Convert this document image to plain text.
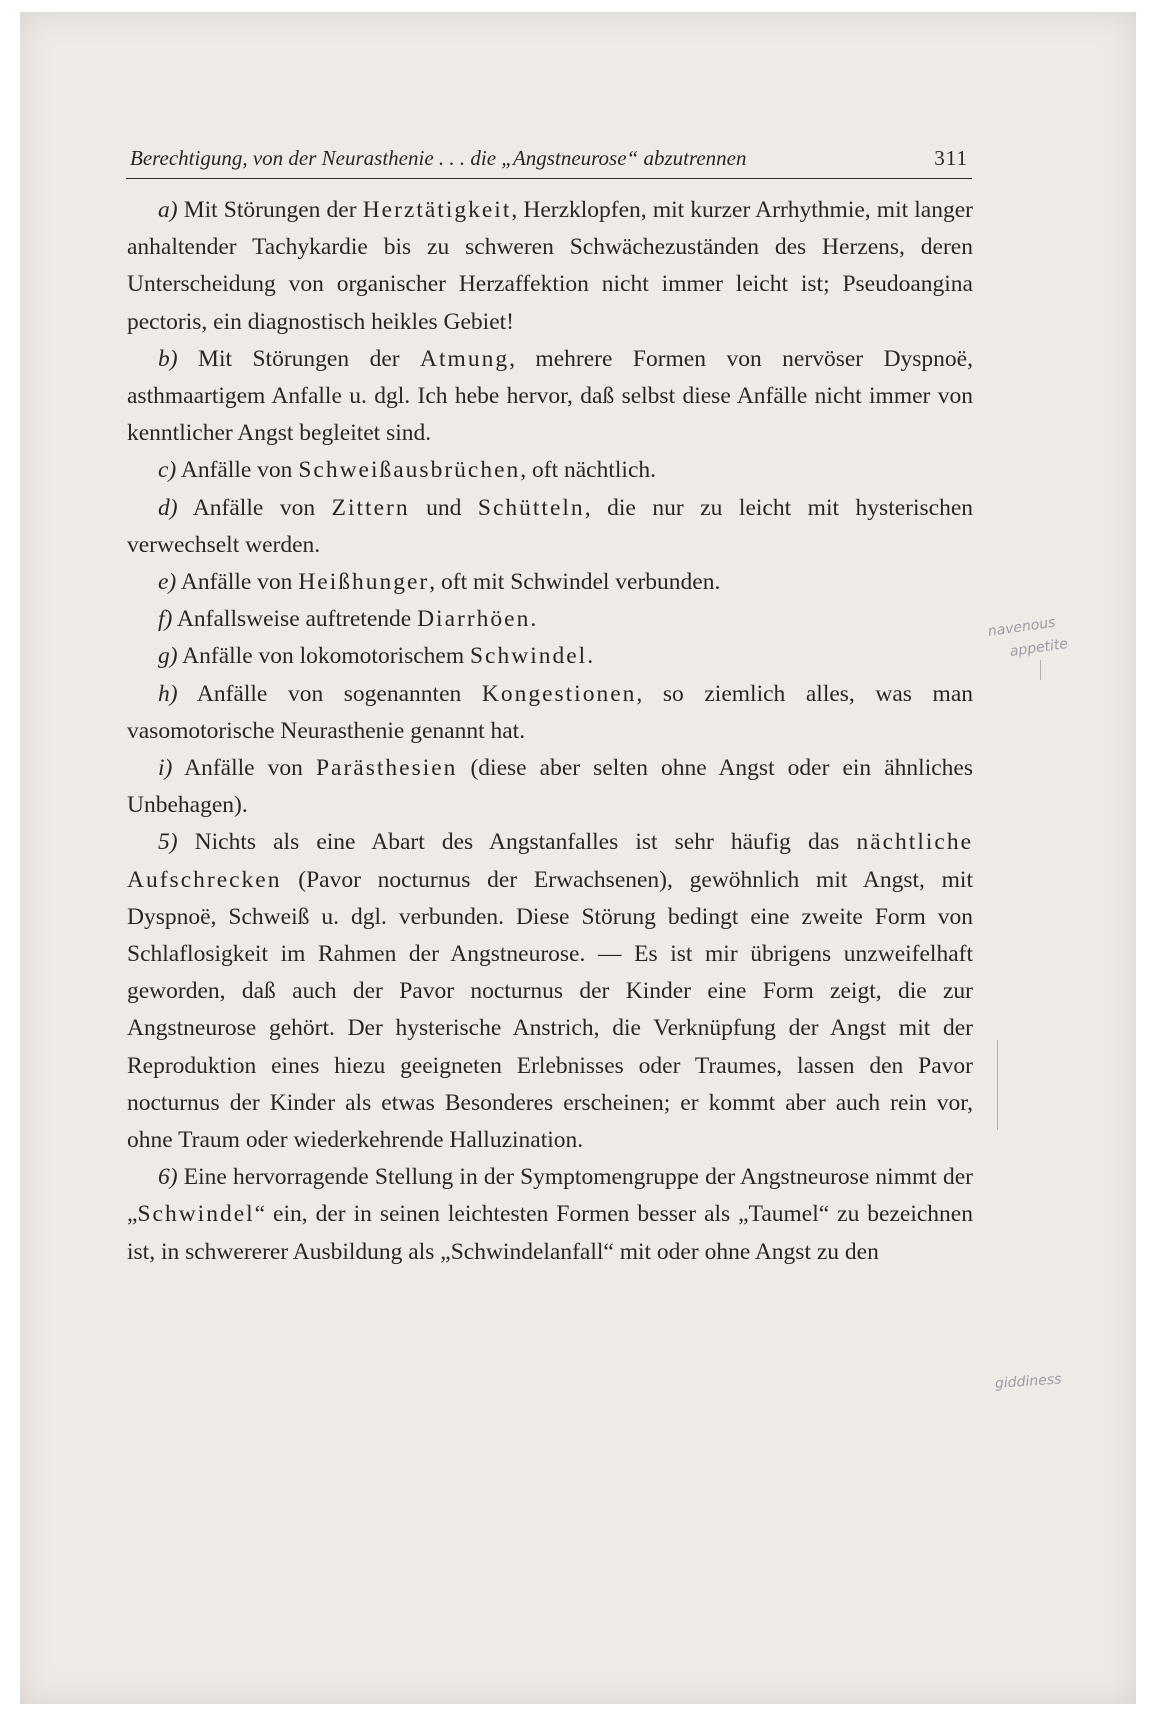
Berechtigung, von der Neurasthenie . . . die „Angstneurose“ abzutrennen	311

a) Mit Störungen der Herztätigkeit, Herzklopfen, mit kurzer Arrhythmie, mit langer anhaltender Tachykardie bis zu schweren Schwächezuständen des Herzens, deren Unterscheidung von organischer Herzaffektion nicht immer leicht ist; Pseudoangina pectoris, ein diagnostisch heikles Gebiet!

b) Mit Störungen der Atmung, mehrere Formen von nervöser Dyspnoë, asthmaartigem Anfalle u. dgl. Ich hebe hervor, daß selbst diese Anfälle nicht immer von kenntlicher Angst begleitet sind.

c) Anfälle von Schweißausbrüchen, oft nächtlich.

d) Anfälle von Zittern und Schütteln, die nur zu leicht mit hysterischen verwechselt werden.

e) Anfälle von Heißhunger, oft mit Schwindel verbunden.

f) Anfallsweise auftretende Diarrhöen.

g) Anfälle von lokomotorischem Schwindel.

h) Anfälle von sogenannten Kongestionen, so ziemlich alles, was man vasomotorische Neurasthenie genannt hat.

i) Anfälle von Parästhesien (diese aber selten ohne Angst oder ein ähnliches Unbehagen).

5) Nichts als eine Abart des Angstanfalles ist sehr häufig das nächtliche Aufschrecken (Pavor nocturnus der Erwachsenen), gewöhnlich mit Angst, mit Dyspnoë, Schweiß u. dgl. verbunden. Diese Störung bedingt eine zweite Form von Schlaflosigkeit im Rahmen der Angstneurose. — Es ist mir übrigens unzweifelhaft geworden, daß auch der Pavor nocturnus der Kinder eine Form zeigt, die zur Angstneurose gehört. Der hysterische Anstrich, die Verknüpfung der Angst mit der Reproduktion eines hiezu geeigneten Erlebnisses oder Traumes, lassen den Pavor nocturnus der Kinder als etwas Besonderes erscheinen; er kommt aber auch rein vor, ohne Traum oder wiederkehrende Halluzination.

6) Eine hervorragende Stellung in der Symptomengruppe der Angstneurose nimmt der „Schwindel“ ein, der in seinen leichtesten Formen besser als „Taumel“ zu bezeichnen ist, in schwererer Ausbildung als „Schwindelanfall“ mit oder ohne Angst zu den

navenous
appetite
giddiness
